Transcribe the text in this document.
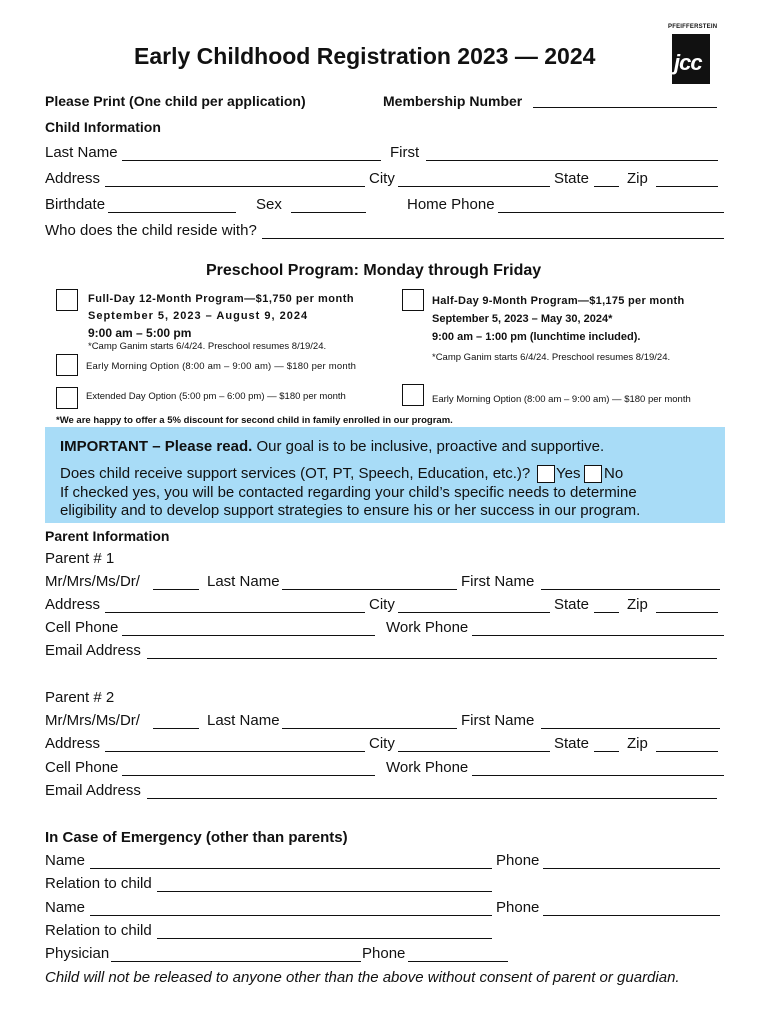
Early Childhood Registration 2023 — 2024
PFEIFFERSTEIN
jcc
Please Print (One child per application)	Membership Number
Child Information
Last Name	First
Address	City	State	Zip
Birthdate	Sex	Home Phone
Who does the child reside with?
Preschool Program: Monday through Friday
Full-Day 12-Month Program—$1,750 per month
September 5, 2023 – August 9, 2024
9:00 am – 5:00 pm
*Camp Ganim starts 6/4/24. Preschool resumes 8/19/24.
Early Morning Option (8:00 am – 9:00 am) — $180 per month
Extended Day Option (5:00 pm – 6:00 pm) — $180 per month
Half-Day 9-Month Program—$1,175 per month
September 5, 2023 – May 30, 2024*
9:00 am – 1:00 pm (lunchtime included).
*Camp Ganim starts 6/4/24. Preschool resumes 8/19/24.
Early Morning Option (8:00 am – 9:00 am) — $180 per month
*We are happy to offer a 5% discount for second child in family enrolled in our program.
IMPORTANT – Please read. Our goal is to be inclusive, proactive and supportive.
Does child receive support services (OT, PT, Speech, Education, etc.)? Yes No
If checked yes, you will be contacted regarding your child’s specific needs to determine
eligibility and to develop support strategies to ensure his or her success in our program.
Parent Information
Parent # 1
Mr/Mrs/Ms/Dr/	Last Name	First Name
Address	City	State	Zip
Cell Phone	Work Phone
Email Address
Parent # 2
Mr/Mrs/Ms/Dr/	Last Name	First Name
Address	City	State	Zip
Cell Phone	Work Phone
Email Address
In Case of Emergency (other than parents)
Name	Phone
Relation to child
Name	Phone
Relation to child
Physician	Phone
Child will not be released to anyone other than the above without consent of parent or guardian.
